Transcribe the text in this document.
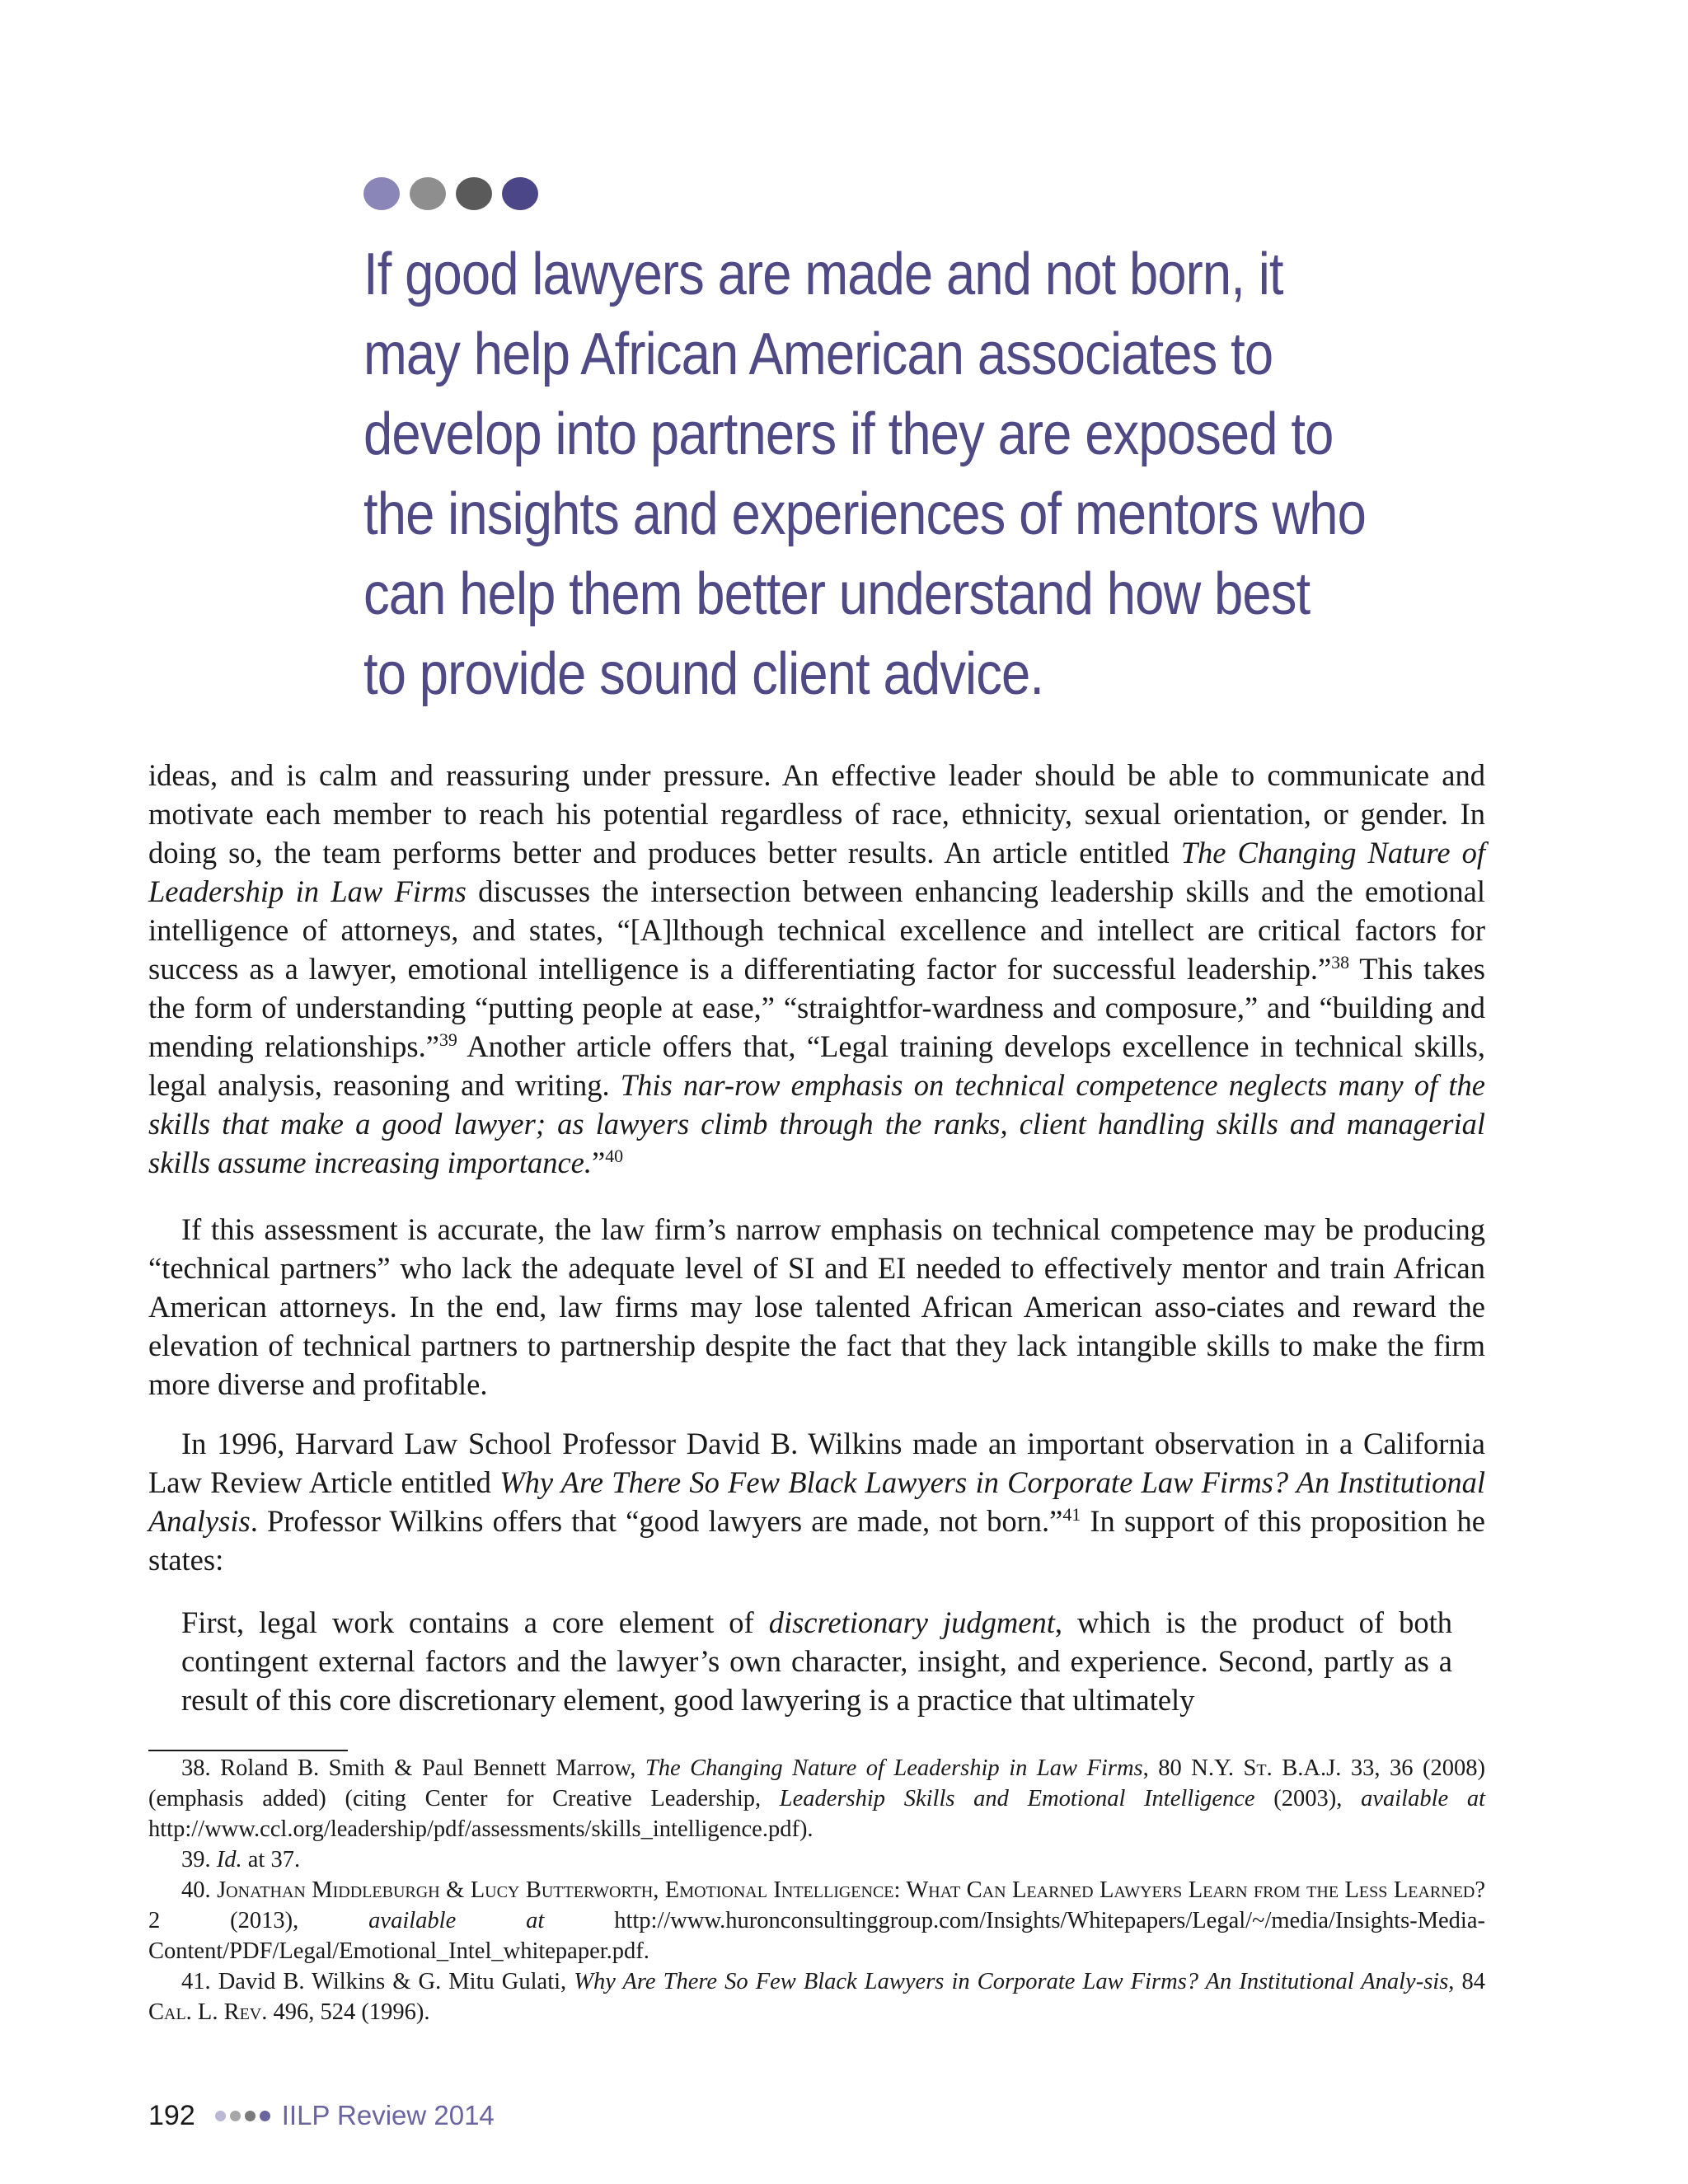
If good lawyers are made and not born, it
may help African American associates to
develop into partners if they are exposed to
the insights and experiences of mentors who
can help them better understand how best
to provide sound client advice.

ideas, and is calm and reassuring under pressure. An effective leader should be able to communicate and motivate each member to reach his potential regardless of race, ethnicity, sexual orientation, or gender. In doing so, the team performs better and produces better results. An article entitled The Changing Nature of Leadership in Law Firms discusses the intersection between enhancing leadership skills and the emotional intelligence of attorneys, and states, “[A]lthough technical excellence and intellect are critical factors for success as a lawyer, emotional intelligence is a differentiating factor for successful leadership.”$^{38}$ This takes the form of understanding “putting people at ease,” “straightfor-wardness and composure,” and “building and mending relationships.”$^{39}$ Another article offers that, “Legal training develops excellence in technical skills, legal analysis, reasoning and writing. This nar-row emphasis on technical competence neglects many of the skills that make a good lawyer; as lawyers climb through the ranks, client handling skills and managerial skills assume increasing importance.”$^{40}$

If this assessment is accurate, the law firm’s narrow emphasis on technical competence may be producing “technical partners” who lack the adequate level of SI and EI needed to effectively mentor and train African American attorneys. In the end, law firms may lose talented African American asso-ciates and reward the elevation of technical partners to partnership despite the fact that they lack intangible skills to make the firm more diverse and profitable.

In 1996, Harvard Law School Professor David B. Wilkins made an important observation in a California Law Review Article entitled Why Are There So Few Black Lawyers in Corporate Law Firms? An Institutional Analysis. Professor Wilkins offers that “good lawyers are made, not born.”$^{41}$ In support of this proposition he states:

First, legal work contains a core element of discretionary judgment, which is the product of both contingent external factors and the lawyer’s own character, insight, and experience. Second, partly as a result of this core discretionary element, good lawyering is a practice that ultimately

38. Roland B. Smith & Paul Bennett Marrow, The Changing Nature of Leadership in Law Firms, 80 N.Y. St. B.A.J. 33, 36 (2008) (emphasis added) (citing Center for Creative Leadership, Leadership Skills and Emotional Intelligence (2003), available at http://www.ccl.org/leadership/pdf/assessments/skills_intelligence.pdf).

39. Id. at 37.

40. Jonathan Middleburgh & Lucy Butterworth, Emotional Intelligence: What Can Learned Lawyers Learn from the Less Learned? 2 (2013), available at http://www.huronconsultinggroup.com/Insights/Whitepapers/Legal/~/media/Insights-Media-Content/PDF/Legal/Emotional_Intel_whitepaper.pdf.

41. David B. Wilkins & G. Mitu Gulati, Why Are There So Few Black Lawyers in Corporate Law Firms? An Institutional Analy-sis, 84 Cal. L. Rev. 496, 524 (1996).

192	IILP Review 2014
